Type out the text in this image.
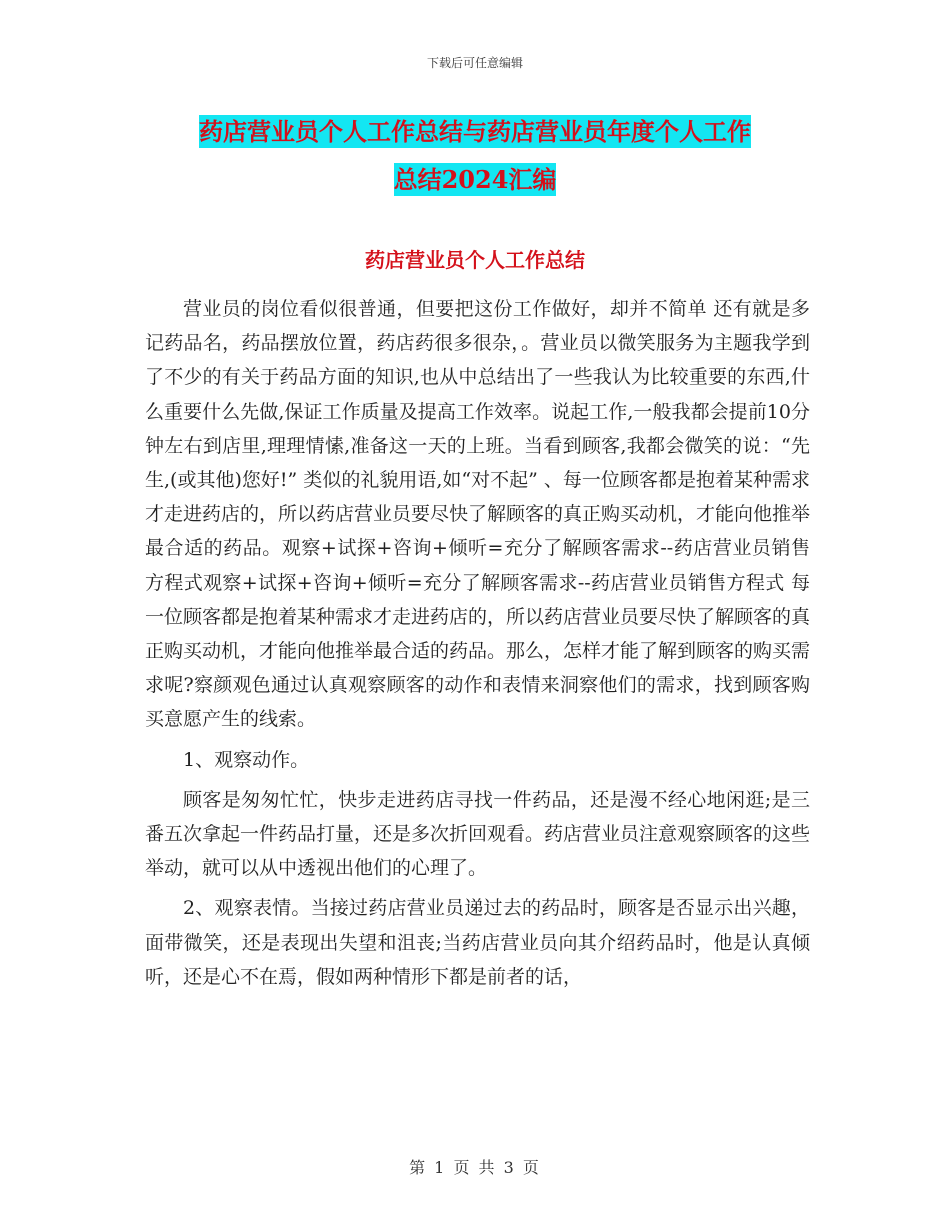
下载后可任意编辑
药店营业员个人工作总结与药店营业员年度个人工作
总结2024汇编
药店营业员个人工作总结

营业员的岗位看似很普通，但要把这份工作做好，却并不简单 还有就是多记药品名，药品摆放位置，药店药很多很杂，。营业员以微笑服务为主题我学到了不少的有关于药品方面的知识,也从中总结出了一些我认为比较重要的东西,什么重要什么先做,保证工作质量及提高工作效率。说起工作,一般我都会提前10分钟左右到店里,理理情愫,准备这一天的上班。当看到顾客,我都会微笑的说：“先生,(或其他)您好!” 类似的礼貌用语,如“对不起” 、每一位顾客都是抱着某种需求才走进药店的，所以药店营业员要尽快了解顾客的真正购买动机，才能向他推举最合适的药品。观察+试探+咨询+倾听=充分了解顾客需求--药店营业员销售方程式观察+试探+咨询+倾听=充分了解顾客需求--药店营业员销售方程式 每一位顾客都是抱着某种需求才走进药店的，所以药店营业员要尽快了解顾客的真正购买动机，才能向他推举最合适的药品。那么，怎样才能了解到顾客的购买需求呢?察颜观色通过认真观察顾客的动作和表情来洞察他们的需求，找到顾客购买意愿产生的线索。

1、观察动作。

顾客是匆匆忙忙，快步走进药店寻找一件药品，还是漫不经心地闲逛;是三番五次拿起一件药品打量，还是多次折回观看。药店营业员注意观察顾客的这些举动，就可以从中透视出他们的心理了。

2、观察表情。当接过药店营业员递过去的药品时，顾客是否显示出兴趣，面带微笑，还是表现出失望和沮丧;当药店营业员向其介绍药品时，他是认真倾听，还是心不在焉，假如两种情形下都是前者的话，

第 1 页 共 3 页
